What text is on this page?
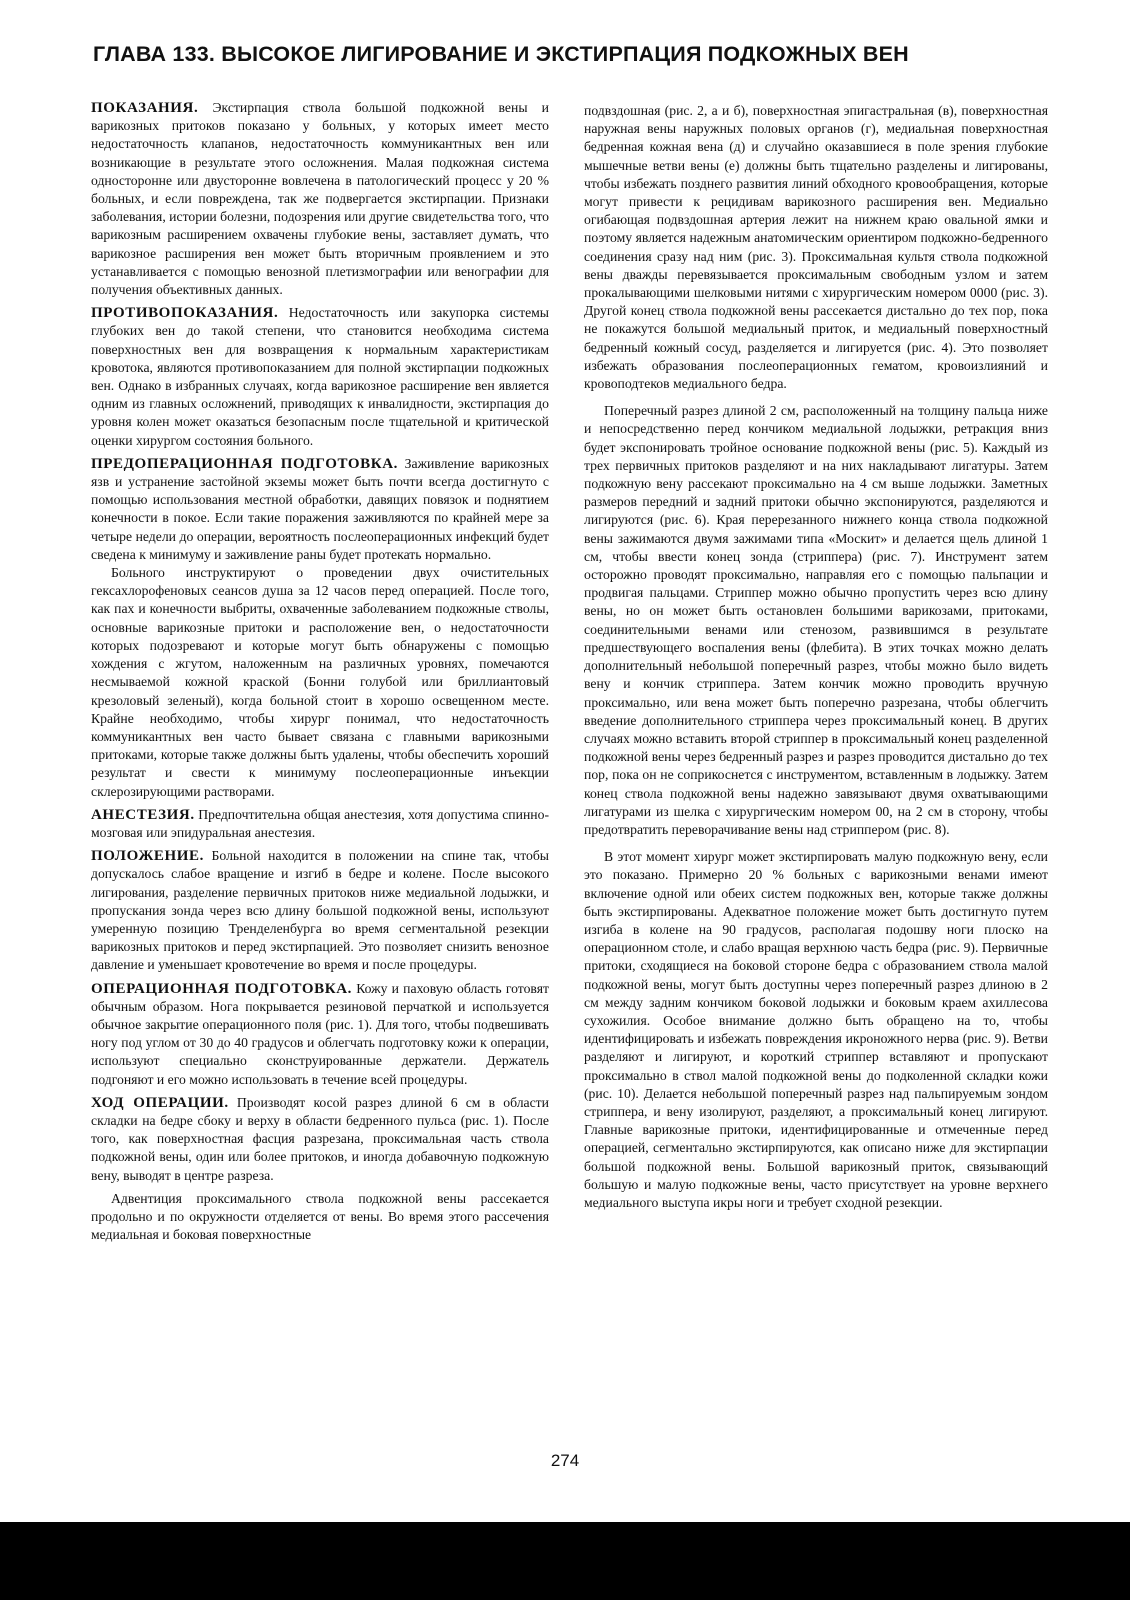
ГЛАВА 133. ВЫСОКОЕ ЛИГИРОВАНИЕ И ЭКСТИРПАЦИЯ ПОДКОЖНЫХ ВЕН

ПОКАЗАНИЯ. Экстирпация ствола большой подкожной вены и варикозных притоков показано у больных, у которых имеет место недостаточность клапанов, недостаточность коммуникантных вен или возникающие в результате этого осложнения. Малая подкожная система односторонне или двусторонне вовлечена в патологический процесс у 20 % больных, и если повреждена, так же подвергается экстирпации. Признаки заболевания, истории болезни, подозрения или другие свидетельства того, что варикозным расширением охвачены глубокие вены, заставляет думать, что варикозное расширения вен может быть вторичным проявлением и это устанавливается с помощью венозной плетизмографии или венографии для получения объективных данных.

ПРОТИВОПОКАЗАНИЯ. Недостаточность или закупорка системы глубоких вен до такой степени, что становится необходима система поверхностных вен для возвращения к нормальным характеристикам кровотока, являются противопоказанием для полной экстирпации подкожных вен. Однако в избранных случаях, когда варикозное расширение вен является одним из главных осложнений, приводящих к инвалидности, экстирпация до уровня колен может оказаться безопасным после тщательной и критической оценки хирургом состояния больного.

ПРЕДОПЕРАЦИОННАЯ ПОДГОТОВКА. Заживление варикозных язв и устранение застойной экземы может быть почти всегда достигнуто с помощью использования местной обработки, давящих повязок и поднятием конечности в покое. Если такие поражения заживляются по крайней мере за четыре недели до операции, вероятность послеоперационных инфекций будет сведена к минимуму и заживление раны будет протекать нормально.

Больного инструктируют о проведении двух очистительных гексахлорофеновых сеансов душа за 12 часов перед операцией. После того, как пах и конечности выбриты, охваченные заболеванием подкожные стволы, основные варикозные притоки и расположение вен, о недостаточности которых подозревают и которые могут быть обнаружены с помощью хождения с жгутом, наложенным на различных уровнях, помечаются несмываемой кожной краской (Бонни голубой или бриллиантовый крезоловый зеленый), когда больной стоит в хорошо освещенном месте. Крайне необходимо, чтобы хирург понимал, что недостаточность коммуникантных вен часто бывает связана с главными варикозными притоками, которые также должны быть удалены, чтобы обеспечить хороший результат и свести к минимуму послеоперационные инъекции склерозирующими растворами.

АНЕСТЕЗИЯ. Предпочтительна общая анестезия, хотя допустима спинно-мозговая или эпидуральная анестезия.

ПОЛОЖЕНИЕ. Больной находится в положении на спине так, чтобы допускалось слабое вращение и изгиб в бедре и колене. После высокого лигирования, разделение первичных притоков ниже медиальной лодыжки, и пропускания зонда через всю длину большой подкожной вены, используют умеренную позицию Тренделенбурга во время сегментальной резекции варикозных притоков и перед экстирпацией. Это позволяет снизить венозное давление и уменьшает кровотечение во время и после процедуры.

ОПЕРАЦИОННАЯ ПОДГОТОВКА. Кожу и паховую область готовят обычным образом. Нога покрывается резиновой перчаткой и используется обычное закрытие операционного поля (рис. 1). Для того, чтобы подвешивать ногу под углом от 30 до 40 градусов и облегчать подготовку кожи к операции, используют специально сконструированные держатели. Держатель подгоняют и его можно использовать в течение всей процедуры.

ХОД ОПЕРАЦИИ. Производят косой разрез длиной 6 см в области складки на бедре сбоку и верху в области бедренного пульса (рис. 1). После того, как поверхностная фасция разрезана, проксимальная часть ствола подкожной вены, один или более притоков, и иногда добавочную подкожную вену, выводят в центре разреза.

Адвентиция проксимального ствола подкожной вены рассекается продольно и по окружности отделяется от вены. Во время этого рассечения медиальная и боковая поверхностные

подвздошная (рис. 2, а и б), поверхностная эпигастральная (в), поверхностная наружная вены наружных половых органов (г), медиальная поверхностная бедренная кожная вена (д) и случайно оказавшиеся в поле зрения глубокие мышечные ветви вены (е) должны быть тщательно разделены и лигированы, чтобы избежать позднего развития линий обходного кровообращения, которые могут привести к рецидивам варикозного расширения вен. Медиально огибающая подвздошная артерия лежит на нижнем краю овальной ямки и поэтому является надежным анатомическим ориентиром подкожно-бедренного соединения сразу над ним (рис. 3). Проксимальная культя ствола подкожной вены дважды перевязывается проксимальным свободным узлом и затем прокалывающими шелковыми нитями с хирургическим номером 0000 (рис. 3). Другой конец ствола подкожной вены рассекается дистально до тех пор, пока не покажутся большой медиальный приток, и медиальный поверхностный бедренный кожный сосуд, разделяется и лигируется (рис. 4). Это позволяет избежать образования послеоперационных гематом, кровоизлияний и кровоподтеков медиального бедра.

Поперечный разрез длиной 2 см, расположенный на толщину пальца ниже и непосредственно перед кончиком медиальной лодыжки, ретракция вниз будет экспонировать тройное основание подкожной вены (рис. 5). Каждый из трех первичных притоков разделяют и на них накладывают лигатуры. Затем подкожную вену рассекают проксимально на 4 см выше лодыжки. Заметных размеров передний и задний притоки обычно экспонируются, разделяются и лигируются (рис. 6). Края перерезанного нижнего конца ствола подкожной вены зажимаются двумя зажимами типа «Москит» и делается щель длиной 1 см, чтобы ввести конец зонда (стриппера) (рис. 7). Инструмент затем осторожно проводят проксимально, направляя его с помощью пальпации и продвигая пальцами. Стриппер можно обычно пропустить через всю длину вены, но он может быть остановлен большими варикозами, притоками, соединительными венами или стенозом, развившимся в результате предшествующего воспаления вены (флебита). В этих точках можно делать дополнительный небольшой поперечный разрез, чтобы можно было видеть вену и кончик стриппера. Затем кончик можно проводить вручную проксимально, или вена может быть поперечно разрезана, чтобы облегчить введение дополнительного стриппера через проксимальный конец. В других случаях можно вставить второй стриппер в проксимальный конец разделенной подкожной вены через бедренный разрез и разрез проводится дистально до тех пор, пока он не соприкоснется с инструментом, вставленным в лодыжку. Затем конец ствола подкожной вены надежно завязывают двумя охватывающими лигатурами из шелка с хирургическим номером 00, на 2 см в сторону, чтобы предотвратить переворачивание вены над стриппером (рис. 8).

В этот момент хирург может экстирпировать малую подкожную вену, если это показано. Примерно 20 % больных с варикозными венами имеют включение одной или обеих систем подкожных вен, которые также должны быть экстирпированы. Адекватное положение может быть достигнуто путем изгиба в колене на 90 градусов, располагая подошву ноги плоско на операционном столе, и слабо вращая верхнюю часть бедра (рис. 9). Первичные притоки, сходящиеся на боковой стороне бедра с образованием ствола малой подкожной вены, могут быть доступны через поперечный разрез длиною в 2 см между задним кончиком боковой лодыжки и боковым краем ахиллесова сухожилия. Особое внимание должно быть обращено на то, чтобы идентифицировать и избежать повреждения икроножного нерва (рис. 9). Ветви разделяют и лигируют, и короткий стриппер вставляют и пропускают проксимально в ствол малой подкожной вены до подколенной складки кожи (рис. 10). Делается небольшой поперечный разрез над пальпируемым зондом стриппера, и вену изолируют, разделяют, а проксимальный конец лигируют. Главные варикозные притоки, идентифицированные и отмеченные перед операцией, сегментально экстирпируются, как описано ниже для экстирпации большой подкожной вены. Большой варикозный приток, связывающий большую и малую подкожные вены, часто присутствует на уровне верхнего медиального выступа икры ноги и требует сходной резекции.

274
